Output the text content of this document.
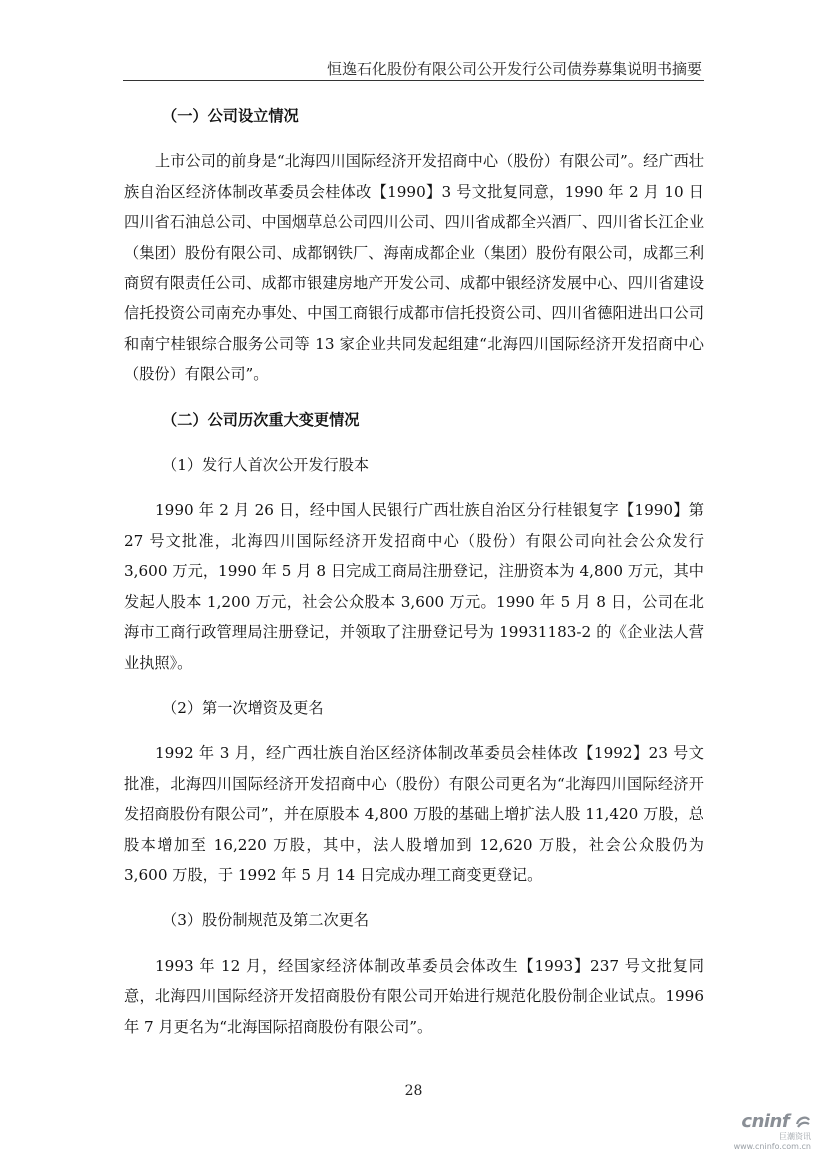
恒逸石化股份有限公司公开发行公司债券募集说明书摘要

（一）公司设立情况

上市公司的前身是“北海四川国际经济开发招商中心（股份）有限公司”。经广西壮族自治区经济体制改革委员会桂体改【1990】3 号文批复同意，1990 年 2 月 10 日四川省石油总公司、中国烟草总公司四川公司、四川省成都全兴酒厂、四川省长江企业（集团）股份有限公司、成都钢铁厂、海南成都企业（集团）股份有限公司，成都三利商贸有限责任公司、成都市银建房地产开发公司、成都中银经济发展中心、四川省建设信托投资公司南充办事处、中国工商银行成都市信托投资公司、四川省德阳进出口公司和南宁桂银综合服务公司等 13 家企业共同发起组建“北海四川国际经济开发招商中心（股份）有限公司”。

（二）公司历次重大变更情况

（1）发行人首次公开发行股本

1990 年 2 月 26 日，经中国人民银行广西壮族自治区分行桂银复字【1990】第 27 号文批准，北海四川国际经济开发招商中心（股份）有限公司向社会公众发行 3,600 万元，1990 年 5 月 8 日完成工商局注册登记，注册资本为 4,800 万元，其中发起人股本 1,200 万元，社会公众股本 3,600 万元。1990 年 5 月 8 日，公司在北海市工商行政管理局注册登记，并领取了注册登记号为 19931183-2 的《企业法人营业执照》。

（2）第一次增资及更名

1992 年 3 月，经广西壮族自治区经济体制改革委员会桂体改【1992】23 号文批准，北海四川国际经济开发招商中心（股份）有限公司更名为“北海四川国际经济开发招商股份有限公司”，并在原股本 4,800 万股的基础上增扩法人股 11,420 万股，总股本增加至 16,220 万股，其中，法人股增加到 12,620 万股，社会公众股仍为 3,600 万股，于 1992 年 5 月 14 日完成办理工商变更登记。

（3）股份制规范及第二次更名

1993 年 12 月，经国家经济体制改革委员会体改生【1993】237 号文批复同意，北海四川国际经济开发招商股份有限公司开始进行规范化股份制企业试点。1996 年 7 月更名为“北海国际招商股份有限公司”。

28
cninf
巨潮资讯
www.cninfo.com.cn
